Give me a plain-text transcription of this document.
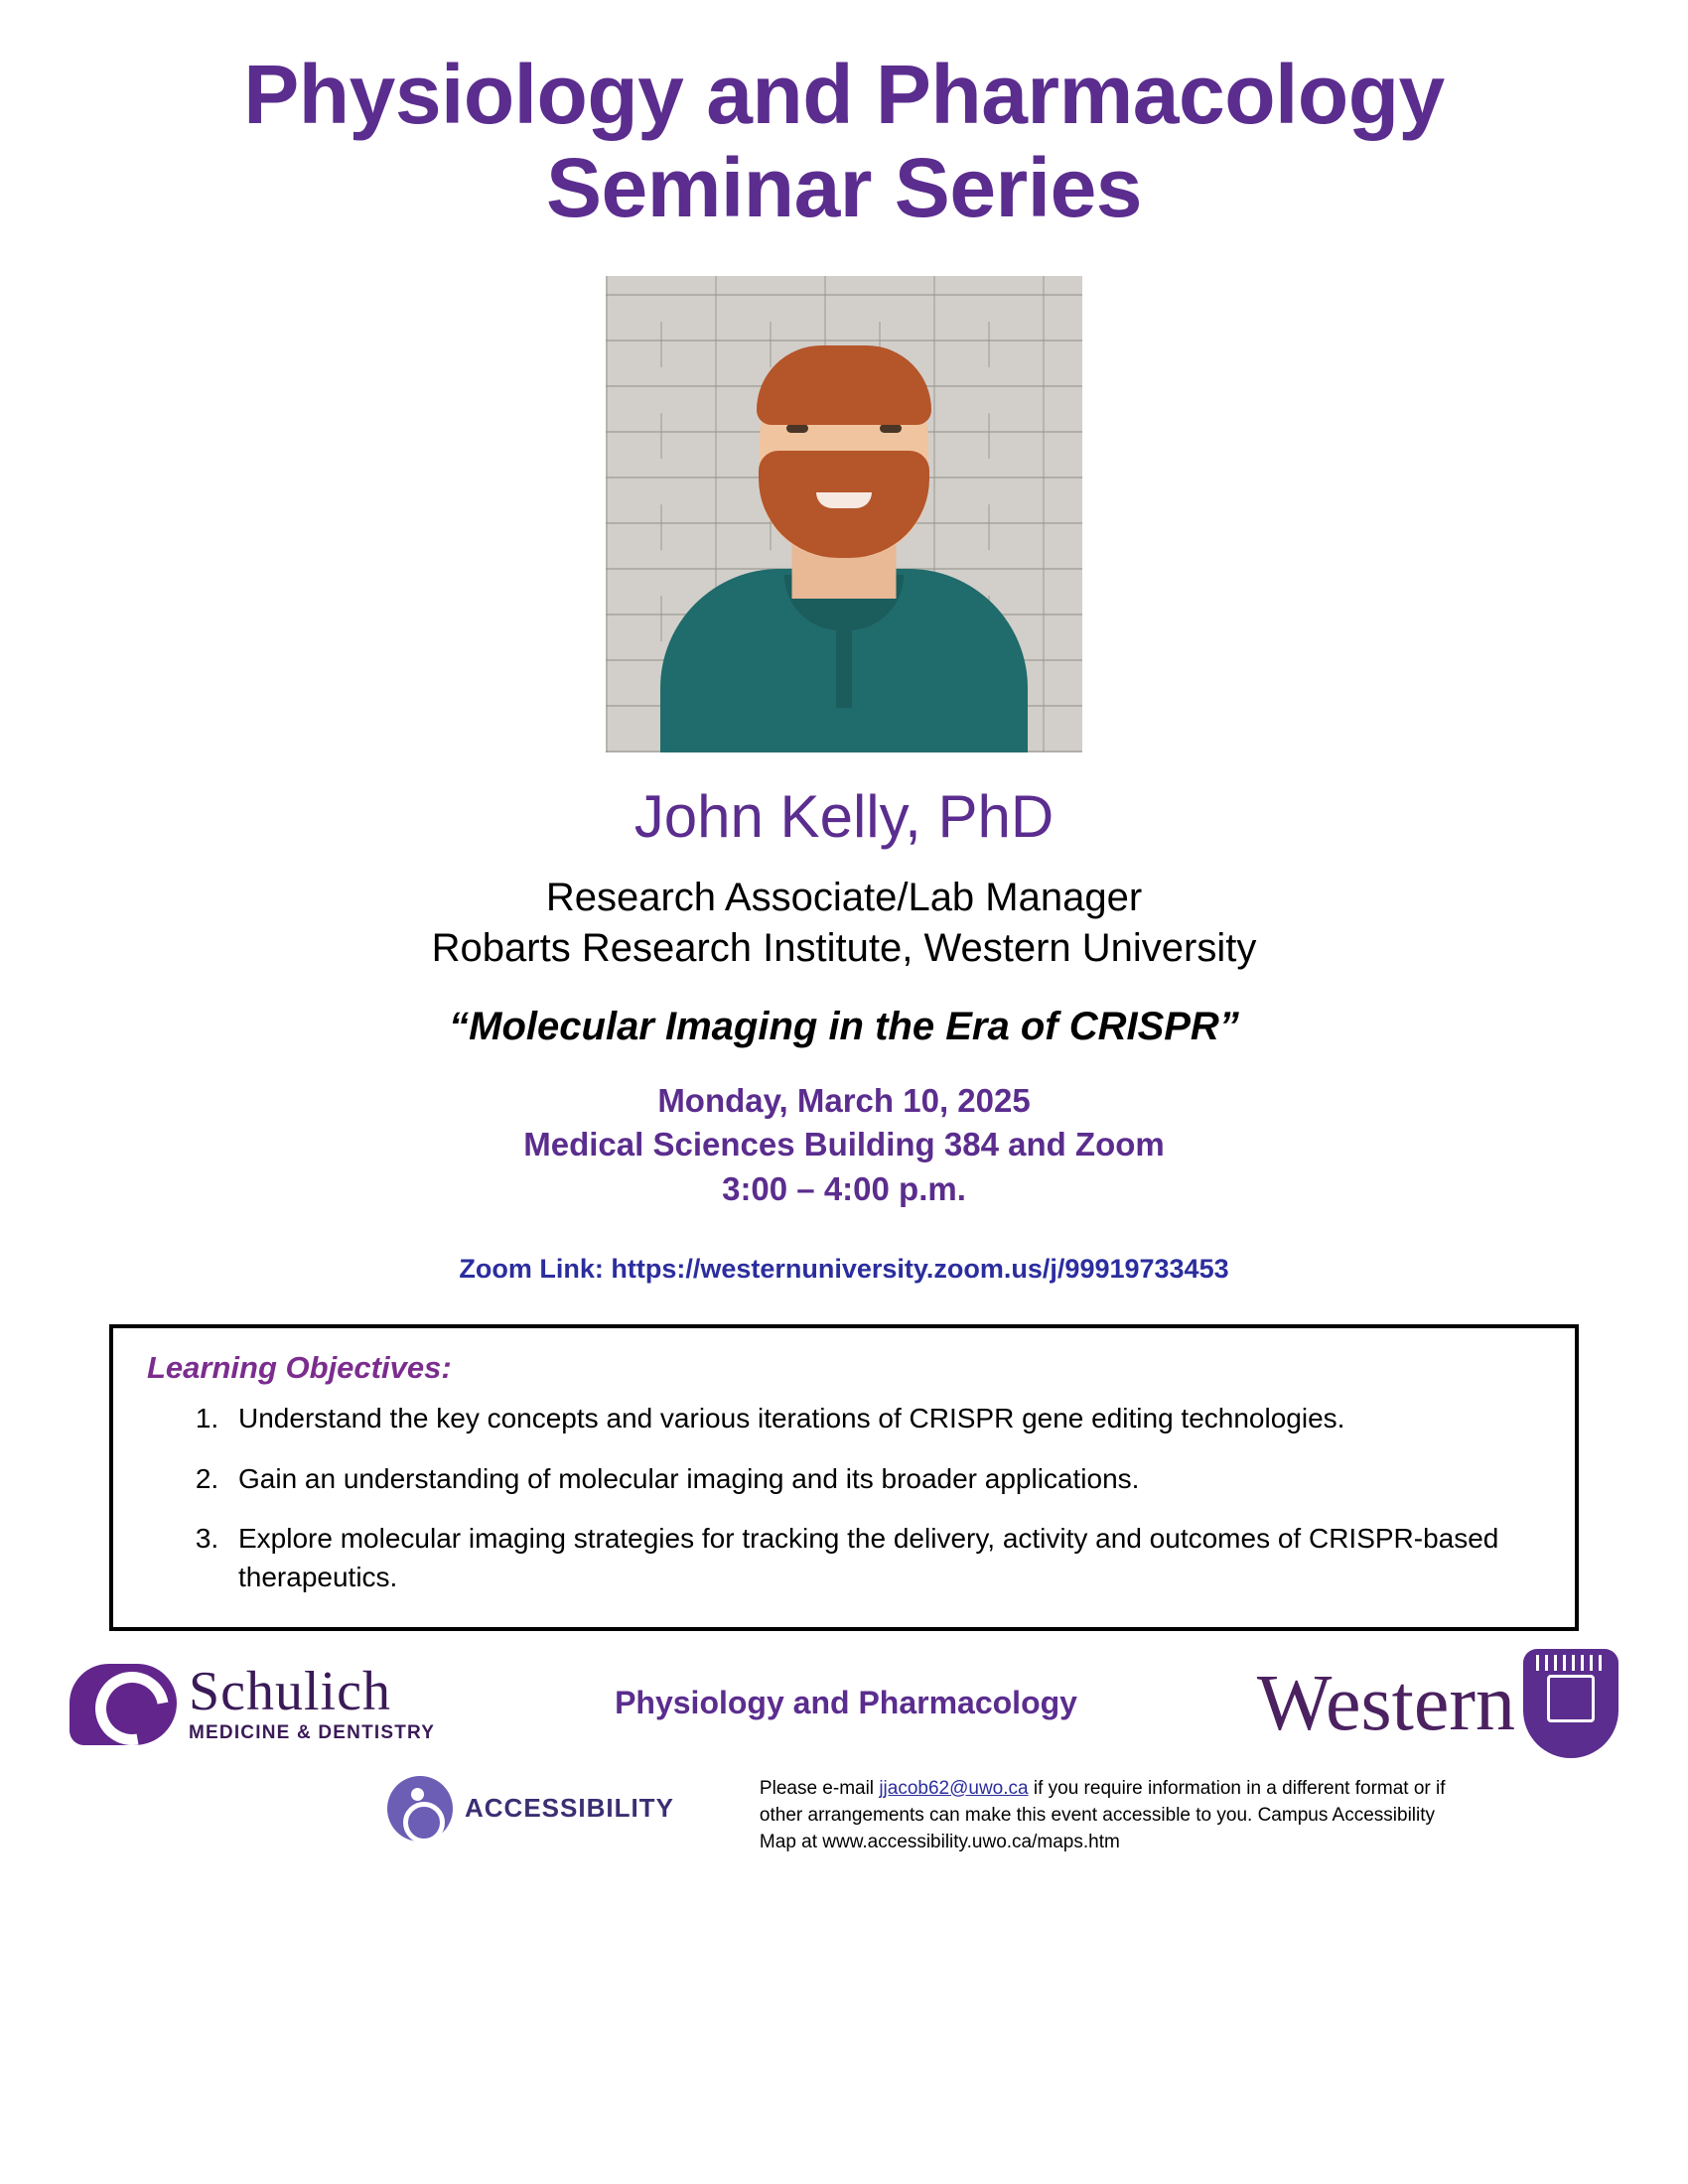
Physiology and Pharmacology
Seminar Series
John Kelly, PhD
Research Associate/Lab Manager
Robarts Research Institute, Western University
“Molecular Imaging in the Era of CRISPR”
Monday, March 10, 2025
Medical Sciences Building 384 and Zoom
3:00 – 4:00 p.m.
Zoom Link: https://westernuniversity.zoom.us/j/99919733453
Learning Objectives:
1. Understand the key concepts and various iterations of CRISPR gene editing technologies.
2. Gain an understanding of molecular imaging and its broader applications.
3. Explore molecular imaging strategies for tracking the delivery, activity and outcomes of CRISPR-based therapeutics.
Schulich
MEDICINE & DENTISTRY
Physiology and Pharmacology Western
ACCESSIBILITY
Please e-mail jjacob62@uwo.ca if you require information in a different format or if other arrangements can make this event accessible to you. Campus Accessibility Map at www.accessibility.uwo.ca/maps.htm
